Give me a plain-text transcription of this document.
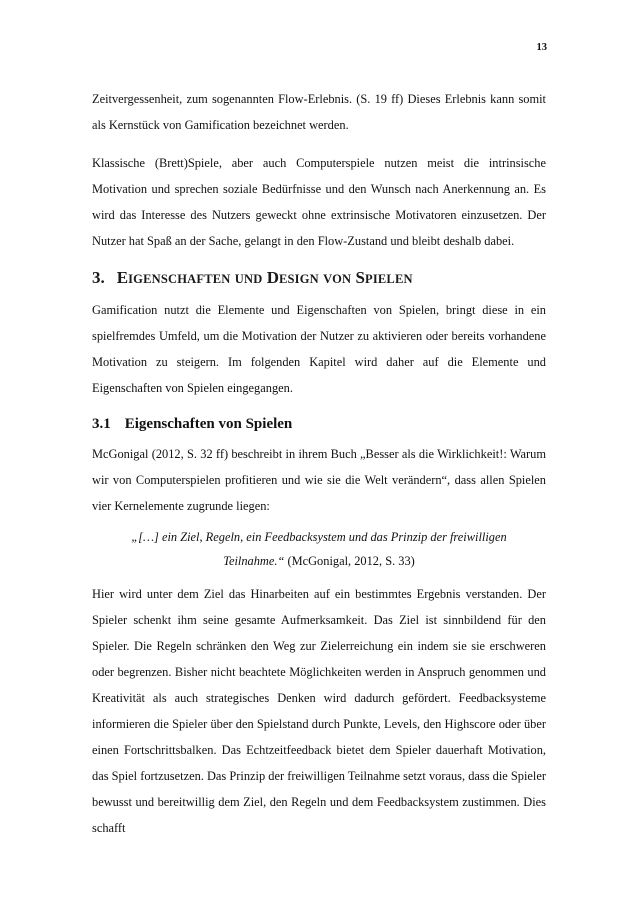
13

Zeitvergessenheit, zum sogenannten Flow-Erlebnis. (S. 19 ff) Dieses Erlebnis kann somit als Kernstück von Gamification bezeichnet werden.

Klassische (Brett)Spiele, aber auch Computerspiele nutzen meist die intrinsische Motivation und sprechen soziale Bedürfnisse und den Wunsch nach Anerkennung an. Es wird das Interesse des Nutzers geweckt ohne extrinsische Motivatoren einzusetzen. Der Nutzer hat Spaß an der Sache, gelangt in den Flow-Zustand und bleibt deshalb dabei.

3. EIGENSCHAFTEN UND DESIGN VON SPIELEN

Gamification nutzt die Elemente und Eigenschaften von Spielen, bringt diese in ein spielfremdes Umfeld, um die Motivation der Nutzer zu aktivieren oder bereits vorhandene Motivation zu steigern. Im folgenden Kapitel wird daher auf die Elemente und Eigenschaften von Spielen eingegangen.

3.1 Eigenschaften von Spielen

McGonigal (2012, S. 32 ff) beschreibt in ihrem Buch „Besser als die Wirklichkeit!: Warum wir von Computerspielen profitieren und wie sie die Welt verändern“, dass allen Spielen vier Kernelemente zugrunde liegen:

„[…] ein Ziel, Regeln, ein Feedbacksystem und das Prinzip der freiwilligen Teilnahme.“ (McGonigal, 2012, S. 33)

Hier wird unter dem Ziel das Hinarbeiten auf ein bestimmtes Ergebnis verstanden. Der Spieler schenkt ihm seine gesamte Aufmerksamkeit. Das Ziel ist sinnbildend für den Spieler. Die Regeln schränken den Weg zur Zielerreichung ein indem sie sie erschweren oder begrenzen. Bisher nicht beachtete Möglichkeiten werden in Anspruch genommen und Kreativität als auch strategisches Denken wird dadurch gefördert. Feedbacksysteme informieren die Spieler über den Spielstand durch Punkte, Levels, den Highscore oder über einen Fortschrittsbalken. Das Echtzeitfeedback bietet dem Spieler dauerhaft Motivation, das Spiel fortzusetzen. Das Prinzip der freiwilligen Teilnahme setzt voraus, dass die Spieler bewusst und bereitwillig dem Ziel, den Regeln und dem Feedbacksystem zustimmen. Dies schafft
